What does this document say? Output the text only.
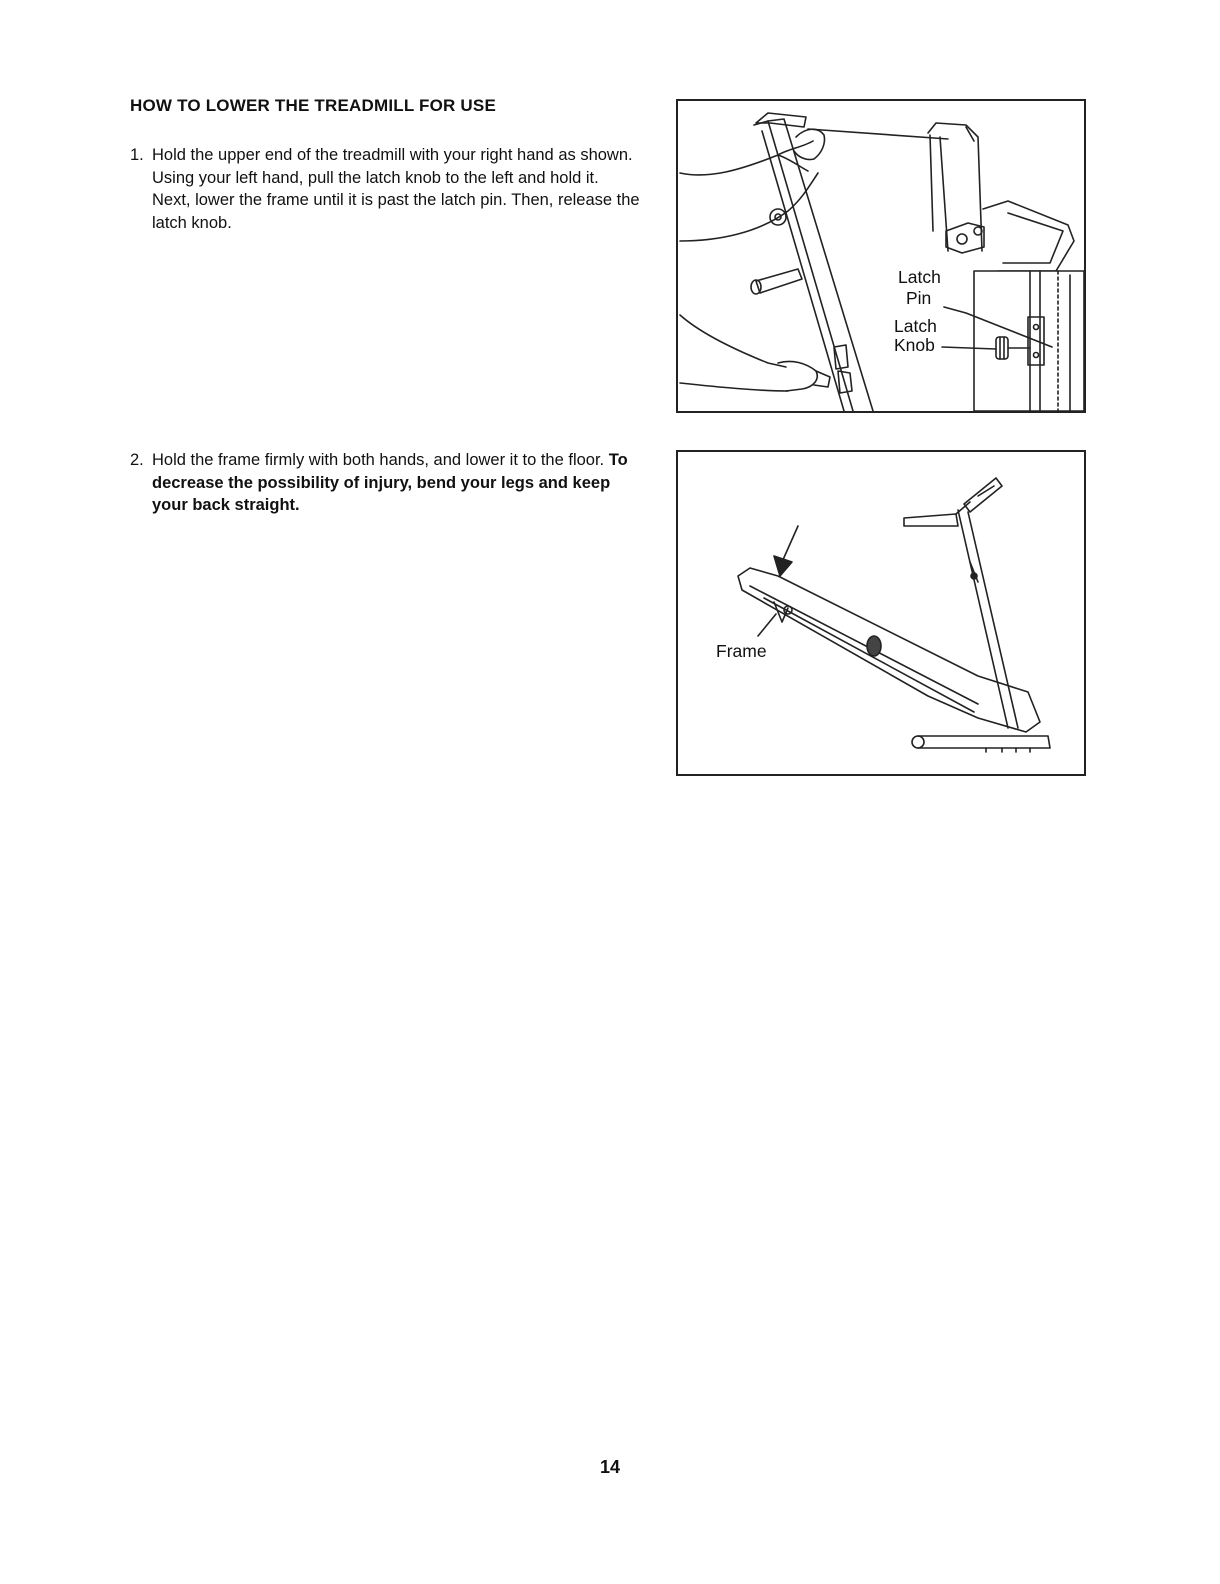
HOW TO LOWER THE TREADMILL FOR USE
1. Hold the upper end of the treadmill with your right hand as shown. Using your left hand, pull the latch knob to the left and hold it. Next, lower the frame until it is past the latch pin. Then, release the latch knob.
2. Hold the frame firmly with both hands, and lower it to the floor. To decrease the possibility of injury, bend your legs and keep your back straight.
Latch
Pin
Latch
Knob
Frame
14
